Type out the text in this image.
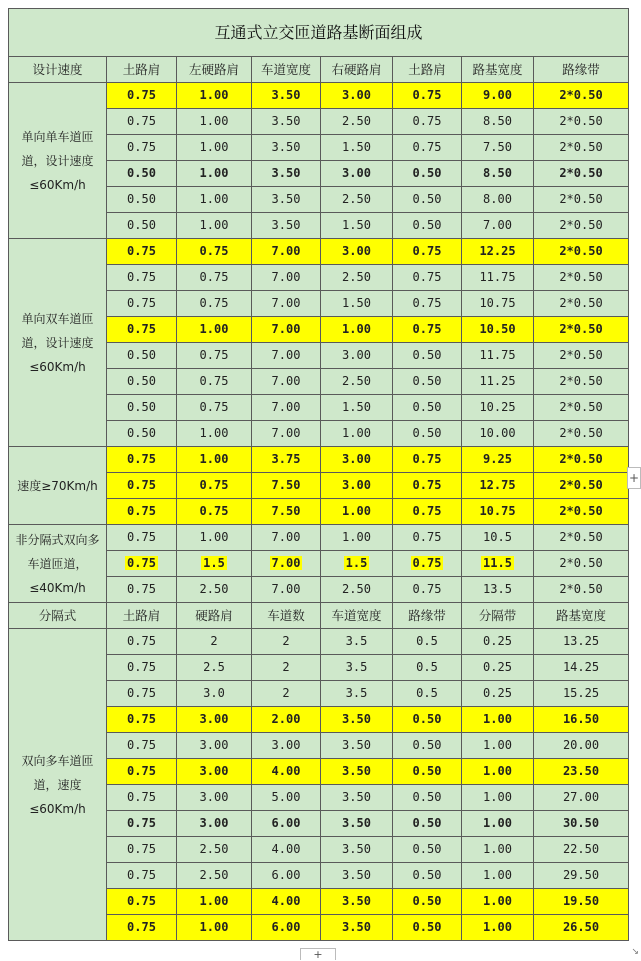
互通式立交匝道路基断面组成							
设计速度	土路肩	左硬路肩	车道宽度	右硬路肩	土路肩	路基宽度	路缘带
单向单车道匝道，设计速度≤60Km/h	0.75	1.00	3.50	3.00	0.75	9.00	2*0.50
	0.75	1.00	3.50	2.50	0.75	8.50	2*0.50
	0.75	1.00	3.50	1.50	0.75	7.50	2*0.50
	0.50	1.00	3.50	3.00	0.50	8.50	2*0.50
	0.50	1.00	3.50	2.50	0.50	8.00	2*0.50
	0.50	1.00	3.50	1.50	0.50	7.00	2*0.50
单向双车道匝道，设计速度≤60Km/h	0.75	0.75	7.00	3.00	0.75	12.25	2*0.50
	0.75	0.75	7.00	2.50	0.75	11.75	2*0.50
	0.75	0.75	7.00	1.50	0.75	10.75	2*0.50
	0.75	1.00	7.00	1.00	0.75	10.50	2*0.50
	0.50	0.75	7.00	3.00	0.50	11.75	2*0.50
	0.50	0.75	7.00	2.50	0.50	11.25	2*0.50
	0.50	0.75	7.00	1.50	0.50	10.25	2*0.50
	0.50	1.00	7.00	1.00	0.50	10.00	2*0.50
速度≥70Km/h	0.75	1.00	3.75	3.00	0.75	9.25	2*0.50
	0.75	0.75	7.50	3.00	0.75	12.75	2*0.50
	0.75	0.75	7.50	1.00	0.75	10.75	2*0.50
非分隔式双向多车道匝道，≤40Km/h	0.75	1.00	7.00	1.00	0.75	10.5	2*0.50
	0.75	1.5	7.00	1.5	0.75	11.5	2*0.50
	0.75	2.50	7.00	2.50	0.75	13.5	2*0.50
分隔式	土路肩	硬路肩	车道数	车道宽度	路缘带	分隔带	路基宽度
双向多车道匝道，速度≤60Km/h	0.75	2	2	3.5	0.5	0.25	13.25
	0.75	2.5	2	3.5	0.5	0.25	14.25
	0.75	3.0	2	3.5	0.5	0.25	15.25
	0.75	3.00	2.00	3.50	0.50	1.00	16.50
	0.75	3.00	3.00	3.50	0.50	1.00	20.00
	0.75	3.00	4.00	3.50	0.50	1.00	23.50
	0.75	3.00	5.00	3.50	0.50	1.00	27.00
	0.75	3.00	6.00	3.50	0.50	1.00	30.50
	0.75	2.50	4.00	3.50	0.50	1.00	22.50
	0.75	2.50	6.00	3.50	0.50	1.00	29.50
	0.75	1.00	4.00	3.50	0.50	1.00	19.50
	0.75	1.00	6.00	3.50	0.50	1.00	26.50
+
+	↘
